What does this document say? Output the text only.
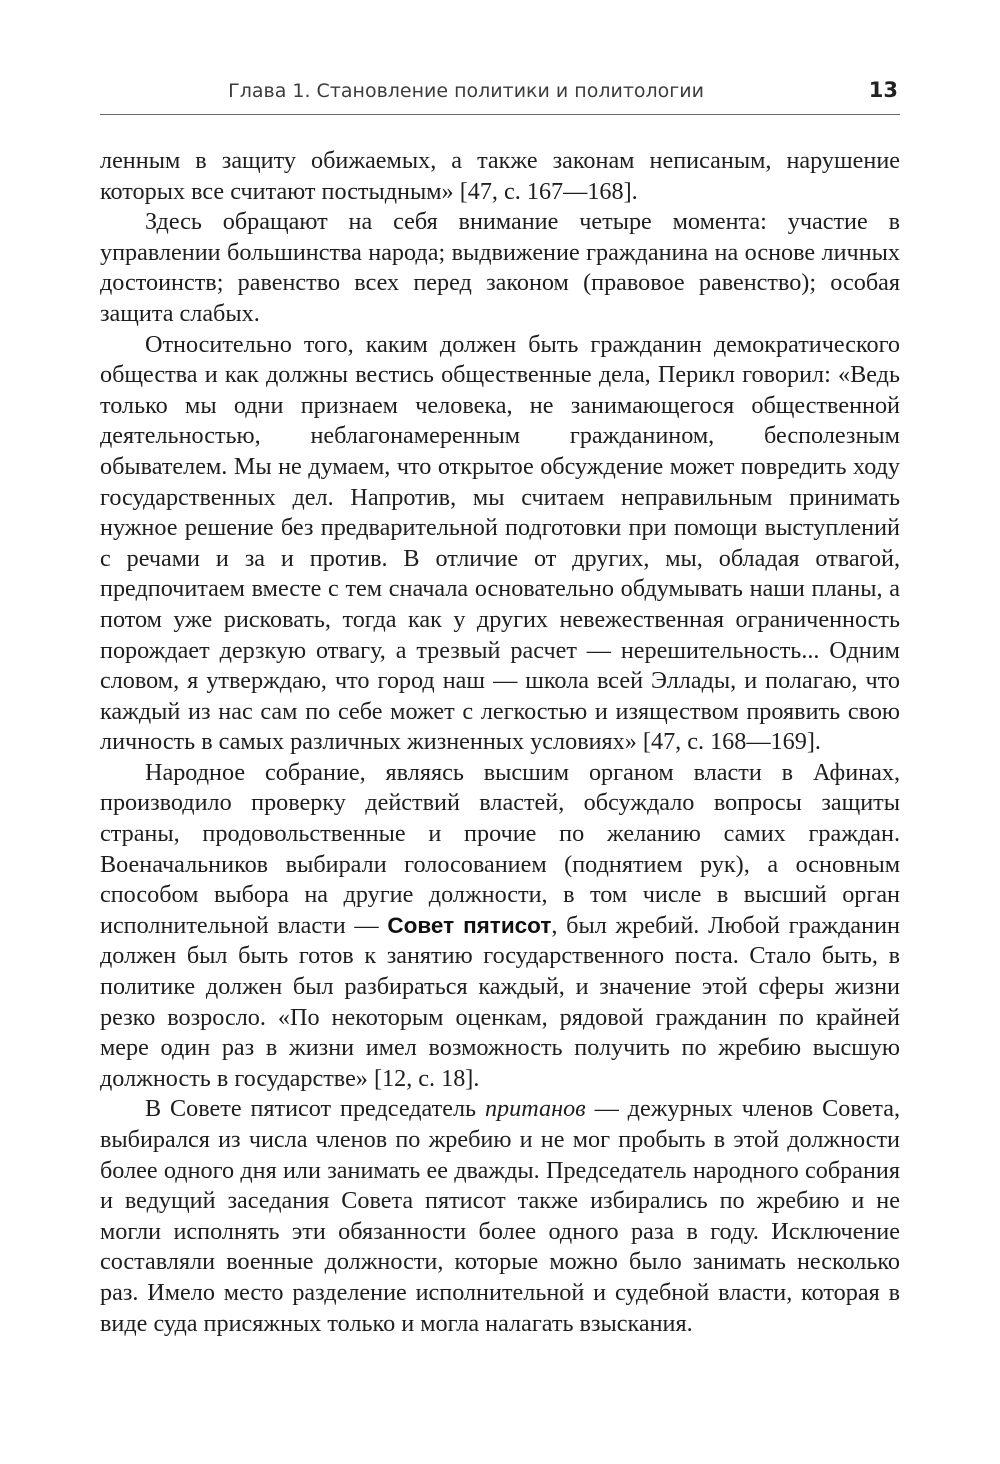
Глава 1. Становление политики и политологии	13

ленным в защиту обижаемых, а также законам неписаным, нарушение которых все считают постыдным» [47, с. 167—168].

Здесь обращают на себя внимание четыре момента: участие в управлении большинства народа; выдвижение гражданина на основе личных достоинств; равенство всех перед законом (правовое равенство); особая защита слабых.

Относительно того, каким должен быть гражданин демократического общества и как должны вестись общественные дела, Перикл говорил: «Ведь только мы одни признаем человека, не занимающегося общественной деятельностью, неблагонамеренным гражданином, бесполезным обывателем. Мы не думаем, что открытое обсуждение может повредить ходу государственных дел. Напротив, мы считаем неправильным принимать нужное решение без предварительной подготовки при помощи выступлений с речами и за и против. В отличие от других, мы, обладая отвагой, предпочитаем вместе с тем сначала основательно обдумывать наши планы, а потом уже рисковать, тогда как у других невежественная ограниченность порождает дерзкую отвагу, а трезвый расчет — нерешительность... Одним словом, я утверждаю, что город наш — школа всей Эллады, и полагаю, что каждый из нас сам по себе может с легкостью и изяществом проявить свою личность в самых различных жизненных условиях» [47, с. 168—169].

Народное собрание, являясь высшим органом власти в Афинах, производило проверку действий властей, обсуждало вопросы защиты страны, продовольственные и прочие по желанию самих граждан. Военачальников выбирали голосованием (поднятием рук), а основным способом выбора на другие должности, в том числе в высший орган исполнительной власти — Совет пятисот, был жребий. Любой гражданин должен был быть готов к занятию государственного поста. Стало быть, в политике должен был разбираться каждый, и значение этой сферы жизни резко возросло. «По некоторым оценкам, рядовой гражданин по крайней мере один раз в жизни имел возможность получить по жребию высшую должность в государстве» [12, с. 18].

В Совете пятисот председатель пританов — дежурных членов Совета, выбирался из числа членов по жребию и не мог пробыть в этой должности более одного дня или занимать ее дважды. Председатель народного собрания и ведущий заседания Совета пятисот также избирались по жребию и не могли исполнять эти обязанности более одного раза в году. Исключение составляли военные должности, которые можно было занимать несколько раз. Имело место разделение исполнительной и судебной власти, которая в виде суда присяжных только и могла налагать взыскания.
